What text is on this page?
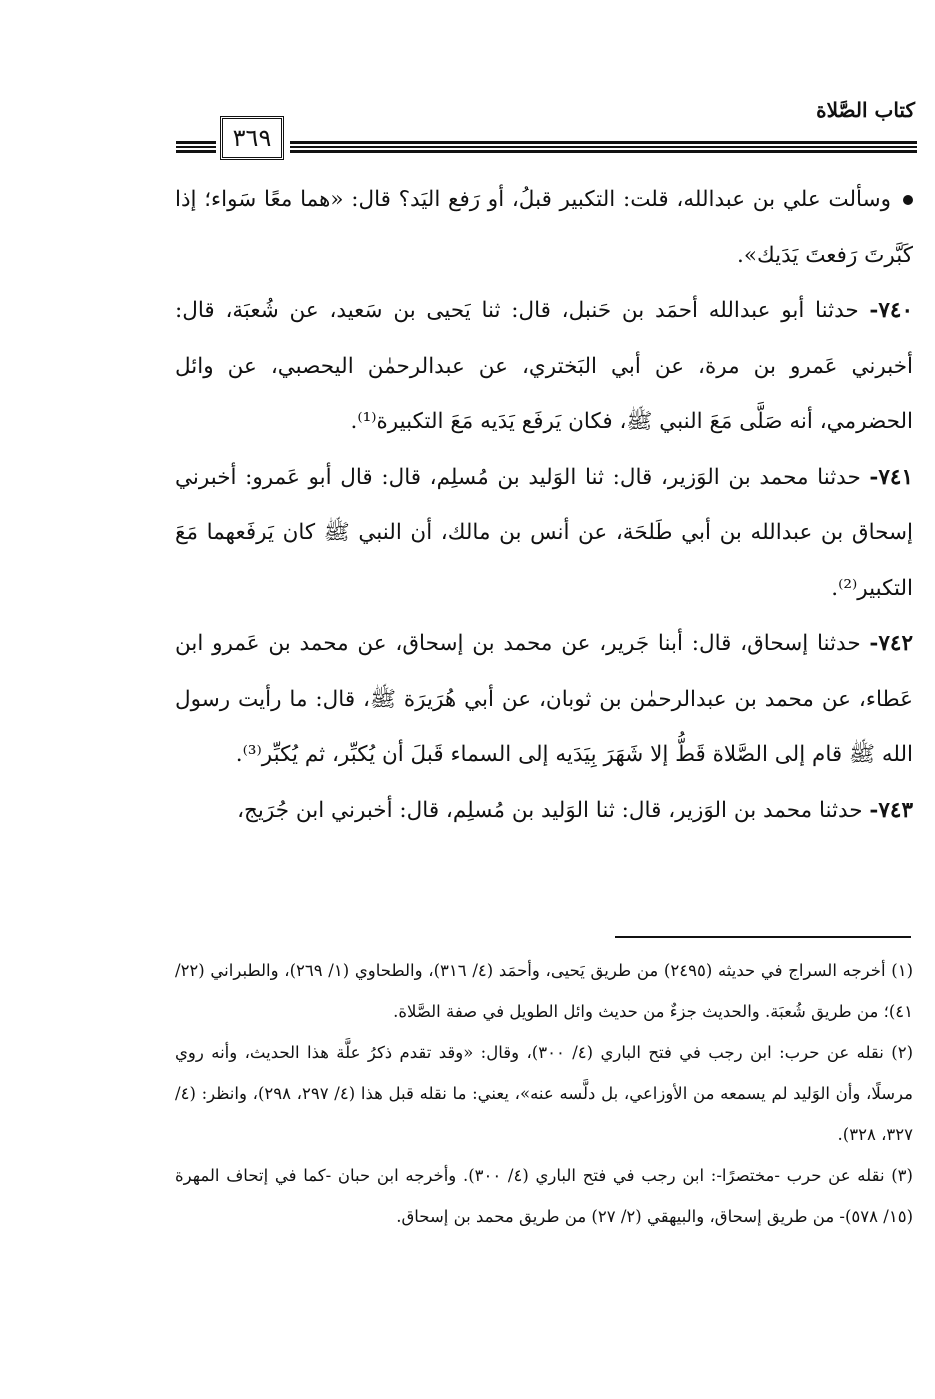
كتاب الصَّلاة
٣٦٩

وسألت علي بن عبدالله، قلت: التكبير قبلُ، أو رَفع اليَد؟ قال: «هما معًا سَواء؛ إذا كَبَّرتَ رَفعتَ يَدَيك».

٧٤٠- حدثنا أبو عبدالله أحمَد بن حَنبل، قال: ثنا يَحيى بن سَعيد، عن شُعبَة، قال: أخبرني عَمرو بن مرة، عن أبي البَختري، عن عبدالرحمٰن اليحصبي، عن وائل الحضرمي، أنه صَلَّى مَعَ النبي ﷺ، فكان يَرفَع يَدَيه مَعَ التكبيرة⁽¹⁾.

٧٤١- حدثنا محمد بن الوَزير، قال: ثنا الوَليد بن مُسلِم، قال: قال أبو عَمرو: أخبرني إسحاق بن عبدالله بن أبي طَلحَة، عن أنس بن مالك، أن النبي ﷺ كان يَرفَعهما مَعَ التكبير⁽²⁾.

٧٤٢- حدثنا إسحاق، قال: أبنا جَرير، عن محمد بن إسحاق، عن محمد بن عَمرو ابن عَطاء، عن محمد بن عبدالرحمٰن بن ثوبان، عن أبي هُرَيرَة ﷺ، قال: ما رأيت رسول الله ﷺ قام إلى الصَّلاة قَطُّ إلا شَهَرَ بِيَدَيه إلى السماء قَبلَ أن يُكبِّر، ثم يُكبِّر⁽³⁾.

٧٤٣- حدثنا محمد بن الوَزير، قال: ثنا الوَليد بن مُسلِم، قال: أخبرني ابن جُرَيج،

(١) أخرجه السراج في حديثه (٢٤٩٥) من طريق يَحيى، وأحمَد (٤/ ٣١٦)، والطحاوي (١/ ٢٦٩)، والطبراني (٢٢/ ٤١)؛ من طريق شُعبَة. والحديث جزءٌ من حديث وائل الطويل في صفة الصَّلاة.

(٢) نقله عن حرب: ابن رجب في فتح الباري (٤/ ٣٠٠)، وقال: «وقد تقدم ذكرُ علَّة هذا الحديث، وأنه روي مرسلًا، وأن الوَليد لم يسمعه من الأوزاعي، بل دلَّسه عنه»، يعني: ما نقله قبل هذا (٤/ ٢٩٧، ٢٩٨)، وانظر: (٤/ ٣٢٧، ٣٢٨).

(٣) نقله عن حرب -مختصرًا-: ابن رجب في فتح الباري (٤/ ٣٠٠). وأخرجه ابن حبان -كما في إتحاف المهرة (١٥/ ٥٧٨)- من طريق إسحاق، والبيهقي (٢/ ٢٧) من طريق محمد بن إسحاق.
